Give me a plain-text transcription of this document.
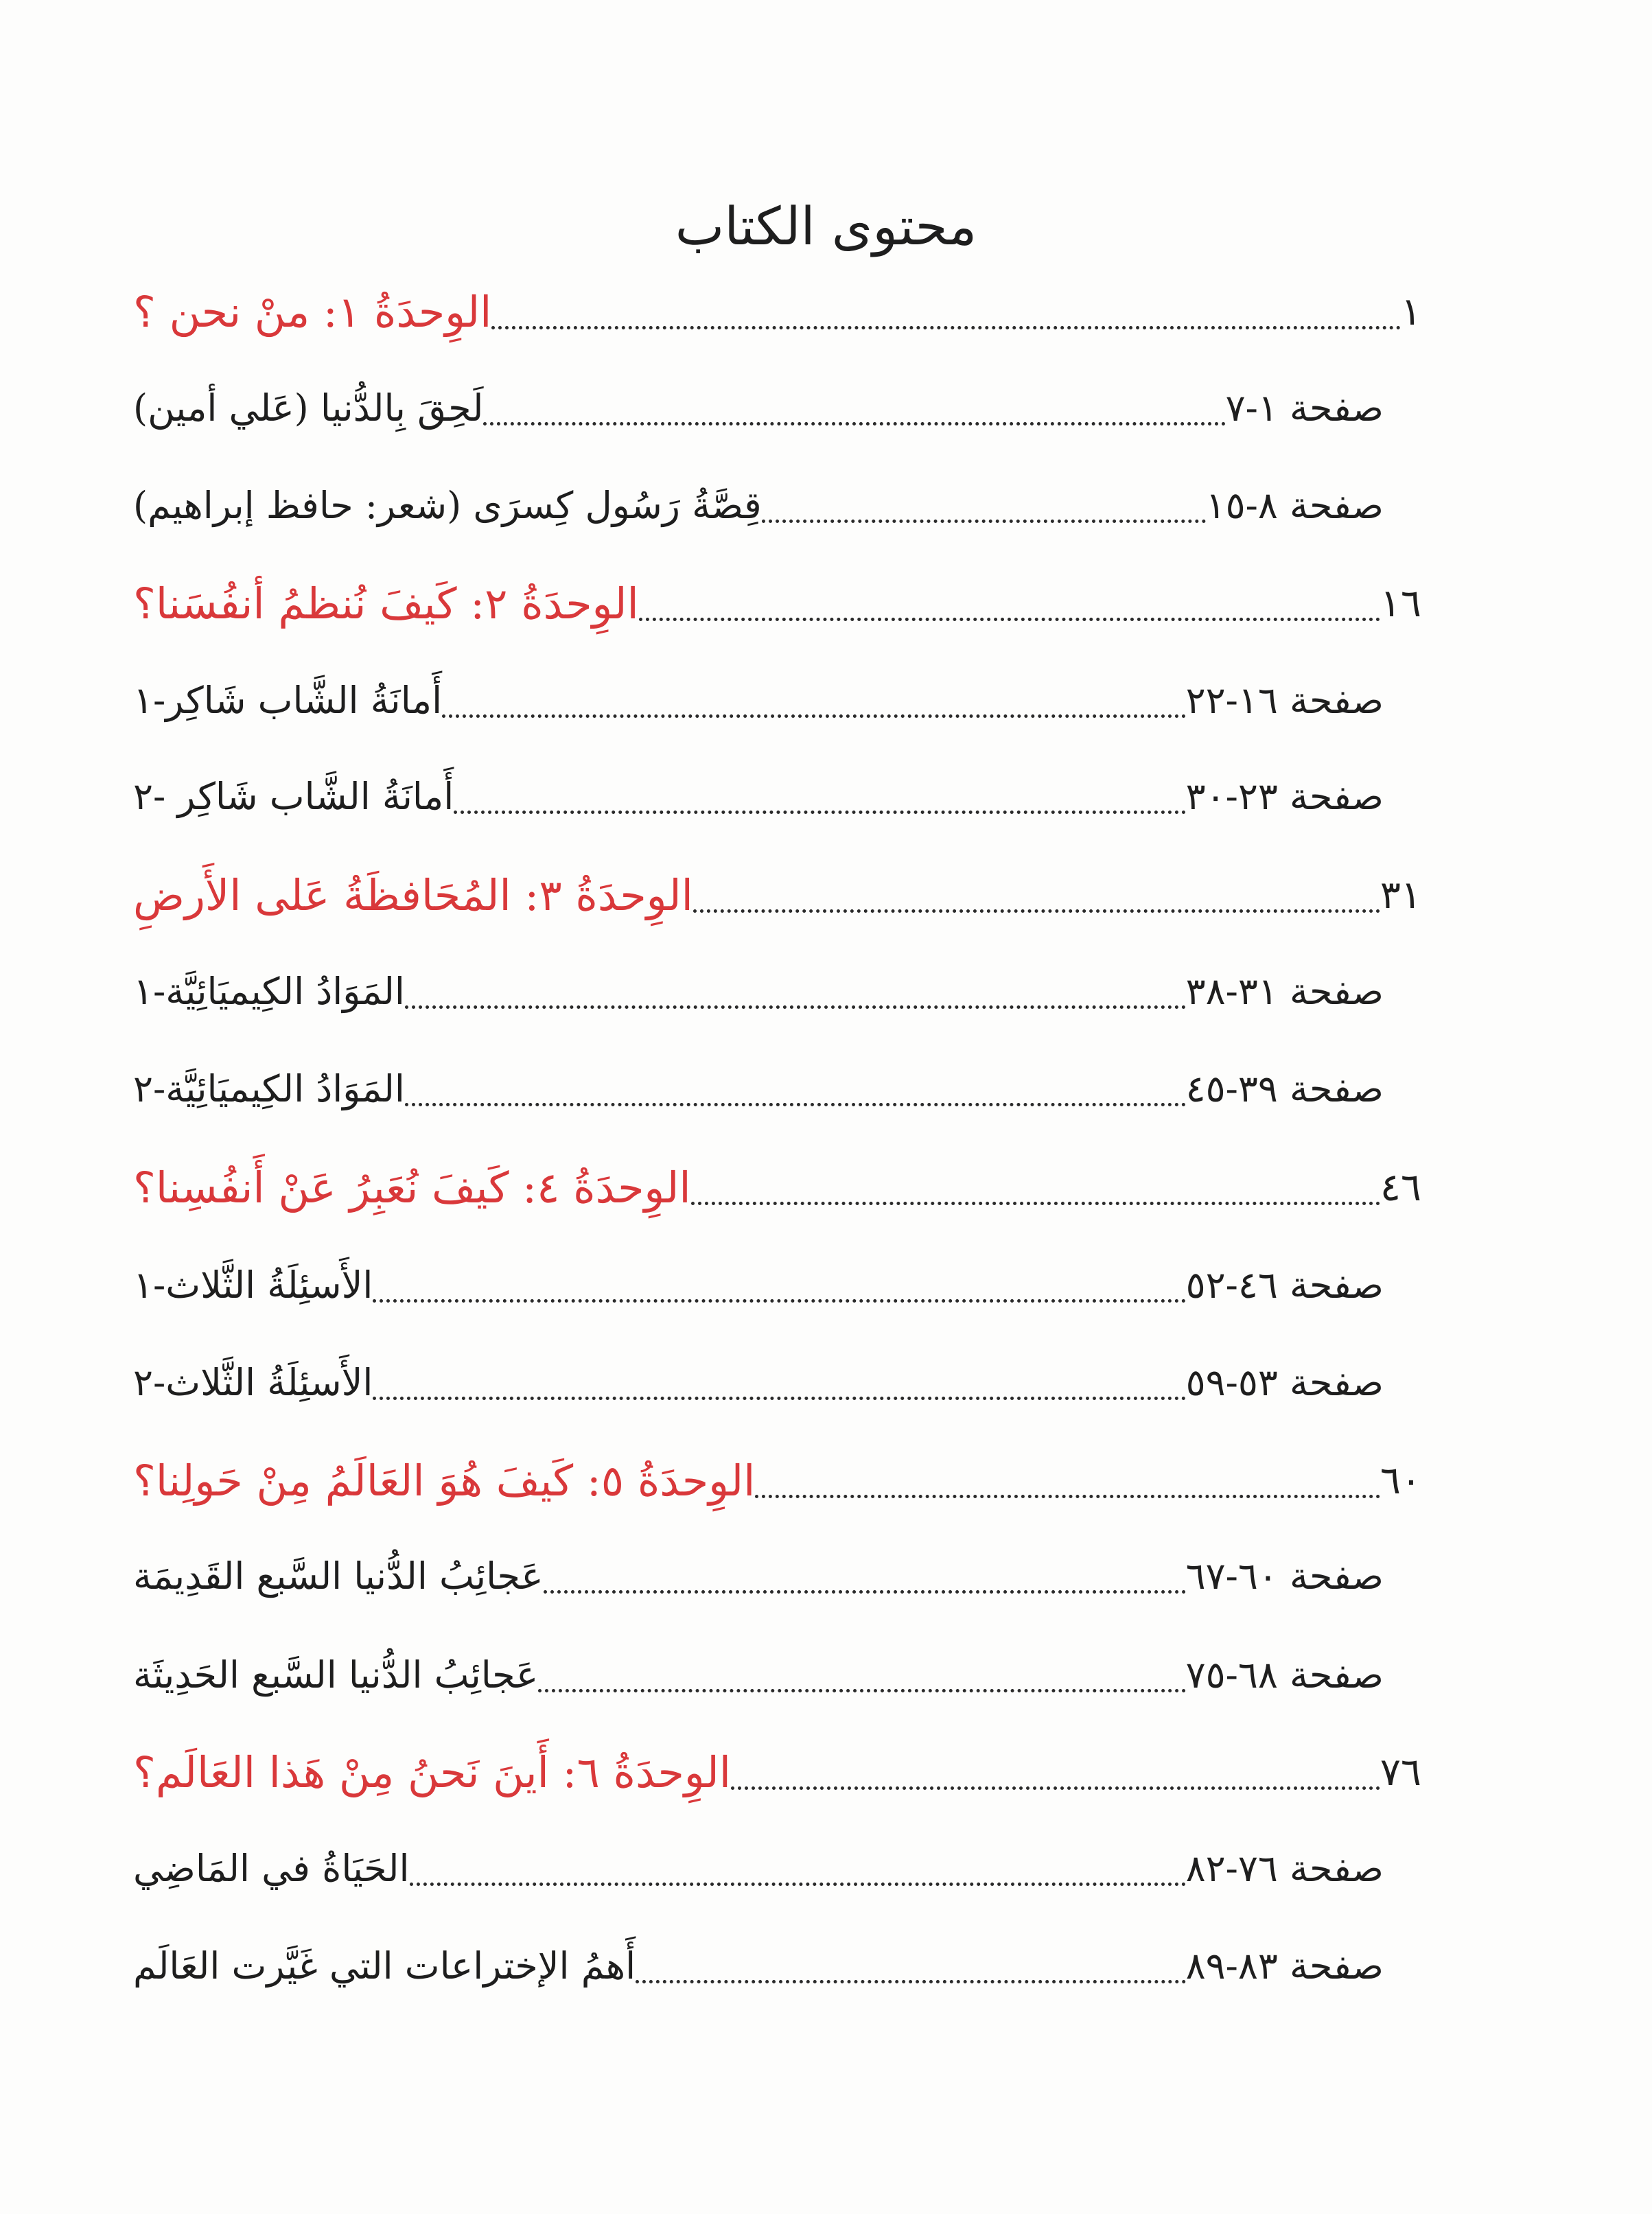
محتوى الكتاب
الوِحدَةُ ١: منْ نحن ؟	١
لَحِقَ بِالدُّنيا (عَلي أمين)	صفحة ١-٧
قِصَّةُ رَسُول كِسرَى (شعر: حافظ إبراهيم)	صفحة ٨-١٥
الوِحدَةُ ٢: كَيفَ نُنظمُ أنفُسَنا؟	١٦
أَمانَةُ الشَّاب شَاكِر-١	صفحة ١٦-٢٢
أَمانَةُ الشَّاب شَاكِر -٢	صفحة ٢٣-٣٠
الوِحدَةُ ٣: المُحَافظَةُ عَلى الأَرضِ	٣١
المَوَادُ الكِيميَائِيَّة-١	صفحة ٣١-٣٨
المَوَادُ الكِيميَائِيَّة-٢	صفحة ٣٩-٤٥
الوِحدَةُ ٤: كَيفَ نُعَبِرُ عَنْ أَنفُسِنا؟	٤٦
الأَسئِلَةُ الثَّلاث-١	صفحة ٤٦-٥٢
الأَسئِلَةُ الثَّلاث-٢	صفحة ٥٣-٥٩
الوِحدَةُ ٥: كَيفَ هُوَ العَالَمُ مِنْ حَولِنا؟	٦٠
عَجائِبُ الدُّنيا السَّبع القَدِيمَة	صفحة ٦٠-٦٧
عَجائِبُ الدُّنيا السَّبع الحَدِيثَة	صفحة ٦٨-٧٥
الوِحدَةُ ٦: أَينَ نَحنُ مِنْ هَذا العَالَم؟	٧٦
الحَيَاةُ في المَاضِي	صفحة ٧٦-٨٢
أَهمُ الإختراعات التي غَيَّرت العَالَم	صفحة ٨٣-٨٩
